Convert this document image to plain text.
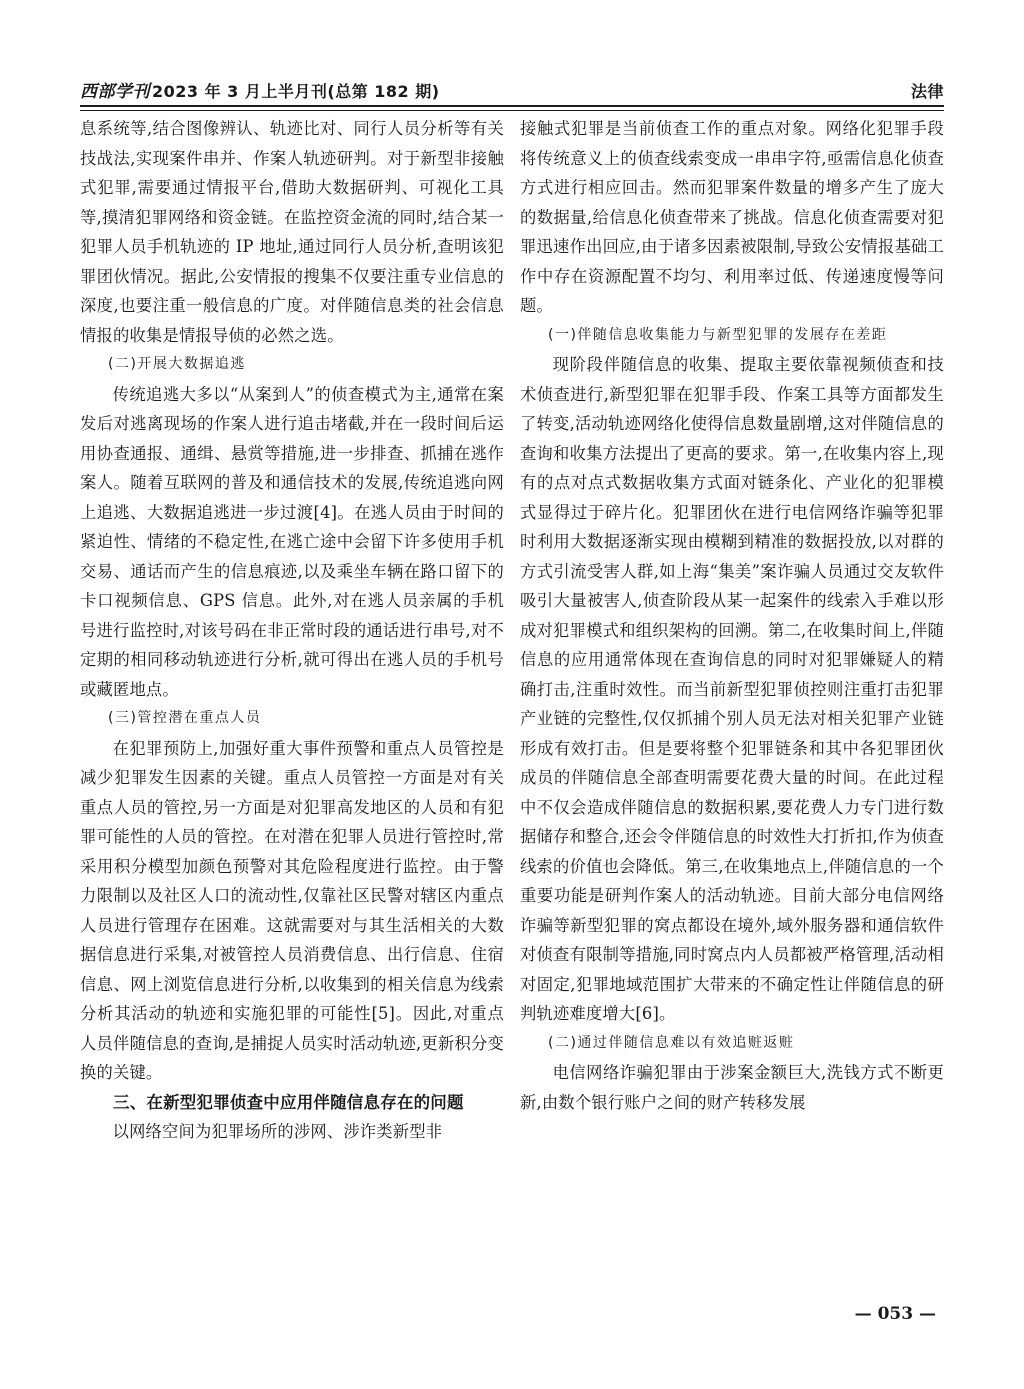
西部学刊 2023 年 3 月上半月刊(总第 182 期)	法律

息系统等,结合图像辨认、轨迹比对、同行人员分析等有关技战法,实现案件串并、作案人轨迹研判。对于新型非接触式犯罪,需要通过情报平台,借助大数据研判、可视化工具等,摸清犯罪网络和资金链。在监控资金流的同时,结合某一犯罪人员手机轨迹的 IP 地址,通过同行人员分析,查明该犯罪团伙情况。据此,公安情报的搜集不仅要注重专业信息的深度,也要注重一般信息的广度。对伴随信息类的社会信息情报的收集是情报导侦的必然之选。

(二)开展大数据追逃

传统追逃大多以“从案到人”的侦查模式为主,通常在案发后对逃离现场的作案人进行追击堵截,并在一段时间后运用协查通报、通缉、悬赏等措施,进一步排查、抓捕在逃作案人。随着互联网的普及和通信技术的发展,传统追逃向网上追逃、大数据追逃进一步过渡[4]。在逃人员由于时间的紧迫性、情绪的不稳定性,在逃亡途中会留下许多使用手机交易、通话而产生的信息痕迹,以及乘坐车辆在路口留下的卡口视频信息、GPS 信息。此外,对在逃人员亲属的手机号进行监控时,对该号码在非正常时段的通话进行串号,对不定期的相同移动轨迹进行分析,就可得出在逃人员的手机号或藏匿地点。

(三)管控潜在重点人员

在犯罪预防上,加强好重大事件预警和重点人员管控是减少犯罪发生因素的关键。重点人员管控一方面是对有关重点人员的管控,另一方面是对犯罪高发地区的人员和有犯罪可能性的人员的管控。在对潜在犯罪人员进行管控时,常采用积分模型加颜色预警对其危险程度进行监控。由于警力限制以及社区人口的流动性,仅靠社区民警对辖区内重点人员进行管理存在困难。这就需要对与其生活相关的大数据信息进行采集,对被管控人员消费信息、出行信息、住宿信息、网上浏览信息进行分析,以收集到的相关信息为线索分析其活动的轨迹和实施犯罪的可能性[5]。因此,对重点人员伴随信息的查询,是捕捉人员实时活动轨迹,更新积分变换的关键。

三、在新型犯罪侦查中应用伴随信息存在的问题

以网络空间为犯罪场所的涉网、涉诈类新型非

接触式犯罪是当前侦查工作的重点对象。网络化犯罪手段将传统意义上的侦查线索变成一串串字符,亟需信息化侦查方式进行相应回击。然而犯罪案件数量的增多产生了庞大的数据量,给信息化侦查带来了挑战。信息化侦查需要对犯罪迅速作出回应,由于诸多因素被限制,导致公安情报基础工作中存在资源配置不均匀、利用率过低、传递速度慢等问题。

(一)伴随信息收集能力与新型犯罪的发展存在差距

现阶段伴随信息的收集、提取主要依靠视频侦查和技术侦查进行,新型犯罪在犯罪手段、作案工具等方面都发生了转变,活动轨迹网络化使得信息数量剧增,这对伴随信息的查询和收集方法提出了更高的要求。第一,在收集内容上,现有的点对点式数据收集方式面对链条化、产业化的犯罪模式显得过于碎片化。犯罪团伙在进行电信网络诈骗等犯罪时利用大数据逐渐实现由模糊到精准的数据投放,以对群的方式引流受害人群,如上海“集美”案诈骗人员通过交友软件吸引大量被害人,侦查阶段从某一起案件的线索入手难以形成对犯罪模式和组织架构的回溯。第二,在收集时间上,伴随信息的应用通常体现在查询信息的同时对犯罪嫌疑人的精确打击,注重时效性。而当前新型犯罪侦控则注重打击犯罪产业链的完整性,仅仅抓捕个别人员无法对相关犯罪产业链形成有效打击。但是要将整个犯罪链条和其中各犯罪团伙成员的伴随信息全部查明需要花费大量的时间。在此过程中不仅会造成伴随信息的数据积累,要花费人力专门进行数据储存和整合,还会令伴随信息的时效性大打折扣,作为侦查线索的价值也会降低。第三,在收集地点上,伴随信息的一个重要功能是研判作案人的活动轨迹。目前大部分电信网络诈骗等新型犯罪的窝点都设在境外,域外服务器和通信软件对侦查有限制等措施,同时窝点内人员都被严格管理,活动相对固定,犯罪地域范围扩大带来的不确定性让伴随信息的研判轨迹难度增大[6]。

(二)通过伴随信息难以有效追赃返赃

电信网络诈骗犯罪由于涉案金额巨大,洗钱方式不断更新,由数个银行账户之间的财产转移发展

— 053 —
